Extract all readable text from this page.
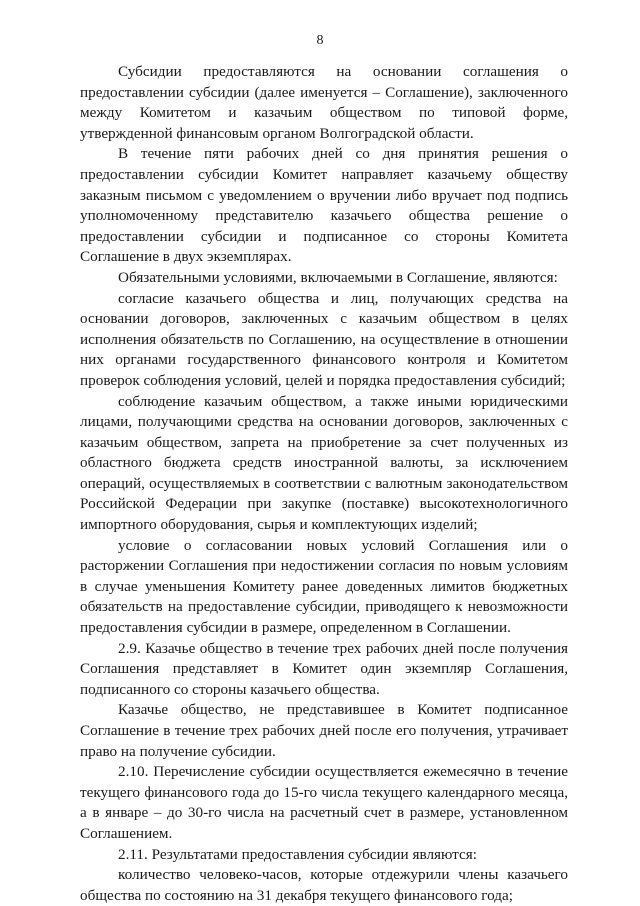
8

Субсидии предоставляются на основании соглашения о предоставлении субсидии (далее именуется – Соглашение), заключенного между Комитетом и казачьим обществом по типовой форме, утвержденной финансовым органом Волгоградской области.

В течение пяти рабочих дней со дня принятия решения о предоставлении субсидии Комитет направляет казачьему обществу заказным письмом с уведомлением о вручении либо вручает под подпись уполномоченному представителю казачьего общества решение о предоставлении субсидии и подписанное со стороны Комитета Соглашение в двух экземплярах.

Обязательными условиями, включаемыми в Соглашение, являются:

согласие казачьего общества и лиц, получающих средства на основании договоров, заключенных с казачьим обществом в целях исполнения обязательств по Соглашению, на осуществление в отношении них органами государственного финансового контроля и Комитетом проверок соблюдения условий, целей и порядка предоставления субсидий;

соблюдение казачьим обществом, а также иными юридическими лицами, получающими средства на основании договоров, заключенных с казачьим обществом, запрета на приобретение за счет полученных из областного бюджета средств иностранной валюты, за исключением операций, осуществляемых в соответствии с валютным законодательством Российской Федерации при закупке (поставке) высокотехнологичного импортного оборудования, сырья и комплектующих изделий;

условие о согласовании новых условий Соглашения или о расторжении Соглашения при недостижении согласия по новым условиям в случае уменьшения Комитету ранее доведенных лимитов бюджетных обязательств на предоставление субсидии, приводящего к невозможности предоставления субсидии в размере, определенном в Соглашении.

2.9. Казачье общество в течение трех рабочих дней после получения Соглашения представляет в Комитет один экземпляр Соглашения, подписанного со стороны казачьего общества.

Казачье общество, не представившее в Комитет подписанное Соглашение в течение трех рабочих дней после его получения, утрачивает право на получение субсидии.

2.10. Перечисление субсидии осуществляется ежемесячно в течение текущего финансового года до 15-го числа текущего календарного месяца, а в январе – до 30-го числа на расчетный счет в размере, установленном Соглашением.

2.11. Результатами предоставления субсидии являются:

количество человеко-часов, которые отдежурили члены казачьего общества по состоянию на 31 декабря текущего финансового года;
